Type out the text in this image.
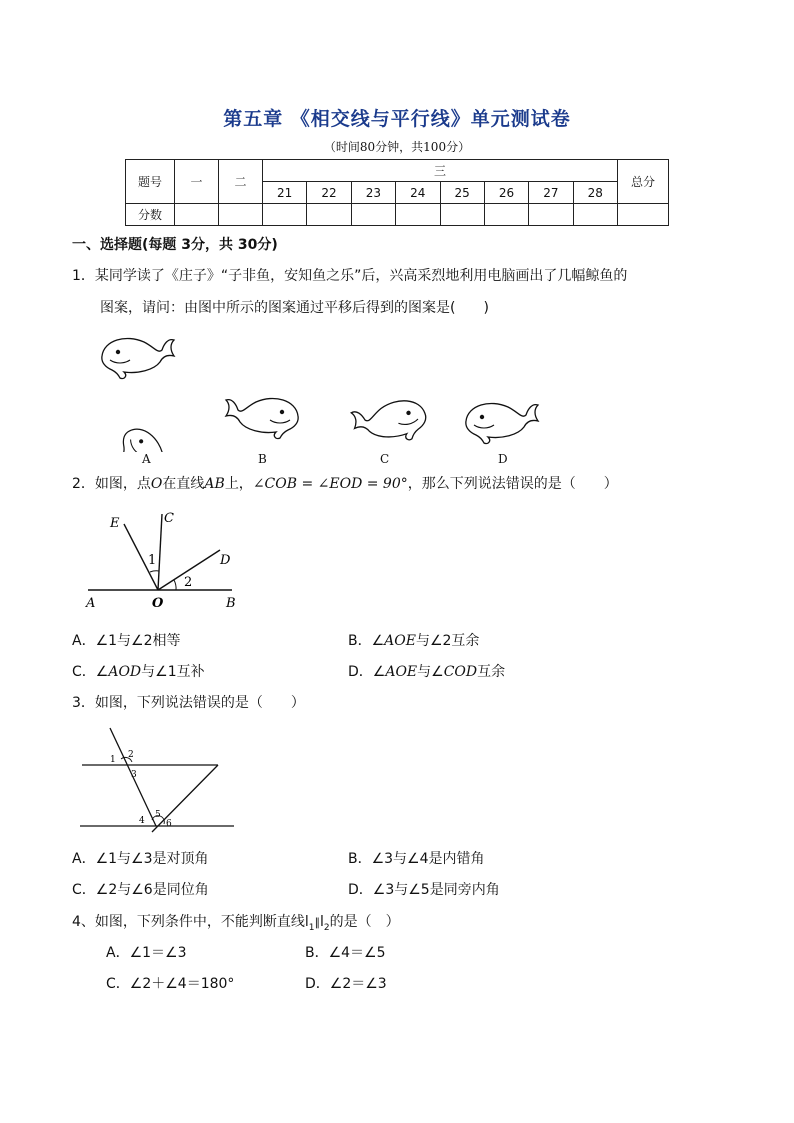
第五章 《相交线与平行线》单元测试卷
（时间80分钟，共100分）
题号	一	二	三								总分
			21	22	23	24	25	26	27	28	
分数											
一、选择题(每题 3分，共 30分)
1．某同学读了《庄子》“子非鱼，安知鱼之乐”后，兴高采烈地利用电脑画出了几幅鲸鱼的
图案，请问：由图中所示的图案通过平移后得到的图案是(　　)
A	B	C	D
2．如图，点O在直线AB上，∠COB = ∠EOD = 90°，那么下列说法错误的是（　　）
E	C
D
A	O	B
1
2
A．∠1与∠2相等	B．∠AOE与∠2互余
C．∠AOD与∠1互补	D．∠AOE与∠COD互余
3．如图，下列说法错误的是（　　）
1 2
3
4
5
6
A．∠1与∠3是对顶角	B．∠3与∠4是内错角
C．∠2与∠6是同位角	D．∠3与∠5是同旁内角
4、如图，下列条件中，不能判断直线$l_1\parallel l_2$的是（　）
A．∠1＝∠3	B．∠4＝∠5
C．∠2＋∠4＝180°	D．∠2＝∠3
